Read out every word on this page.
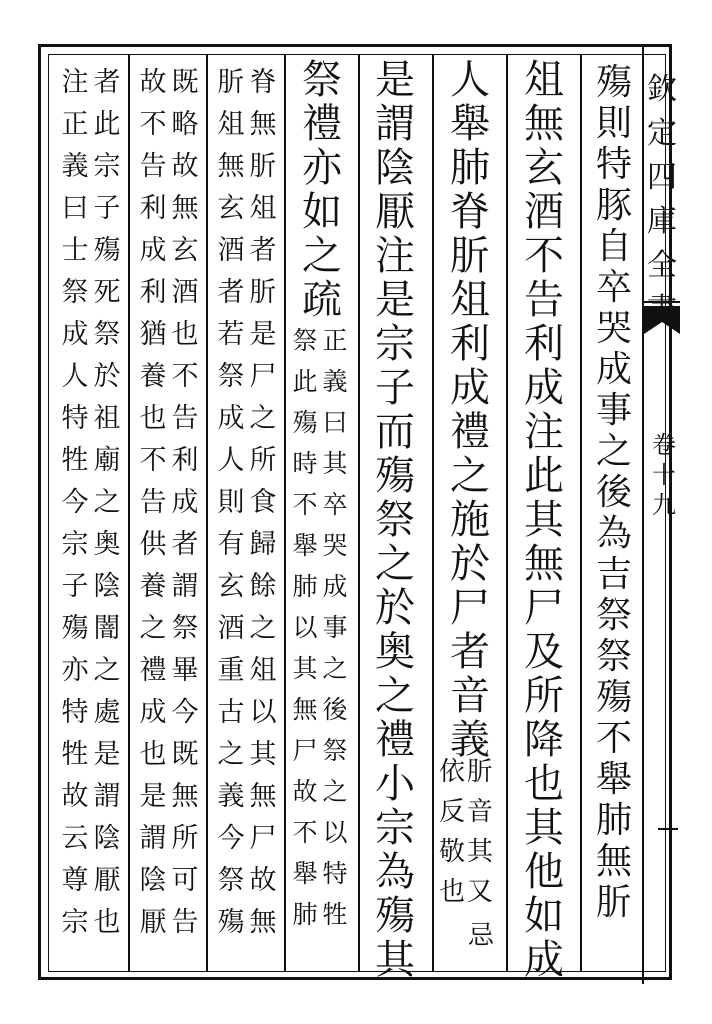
欽定四庫全
卷十九
殤則特豚自卒哭成事之後為吉祭祭殤不舉肺無肵
俎無玄酒不告利成注此其無尸及所降也其他如成
人舉肺脊肵俎利成禮之施於尸者音義
肵音其又
依反敬也
忌
是謂陰厭注是宗子而殤祭之於奥之禮小宗為殤其
祭禮亦如之疏
正義曰其卒哭成事之後祭之以特牲
祭此殤時不舉肺以其無尸故不舉肺
脊無肵俎者肵是尸之所食歸餘之俎以其無尸故無
肵俎無玄酒者若祭成人則有玄酒重古之義今祭殤
既略故無玄酒也不告利成者謂祭畢今既無所可告
故不告利成利猶養也不告供養之禮成也是謂陰厭
者此宗子殤死祭於祖廟之奥陰闇之處是謂陰厭也
注正義曰士祭成人特牲今宗子殤亦特牲故云尊宗
